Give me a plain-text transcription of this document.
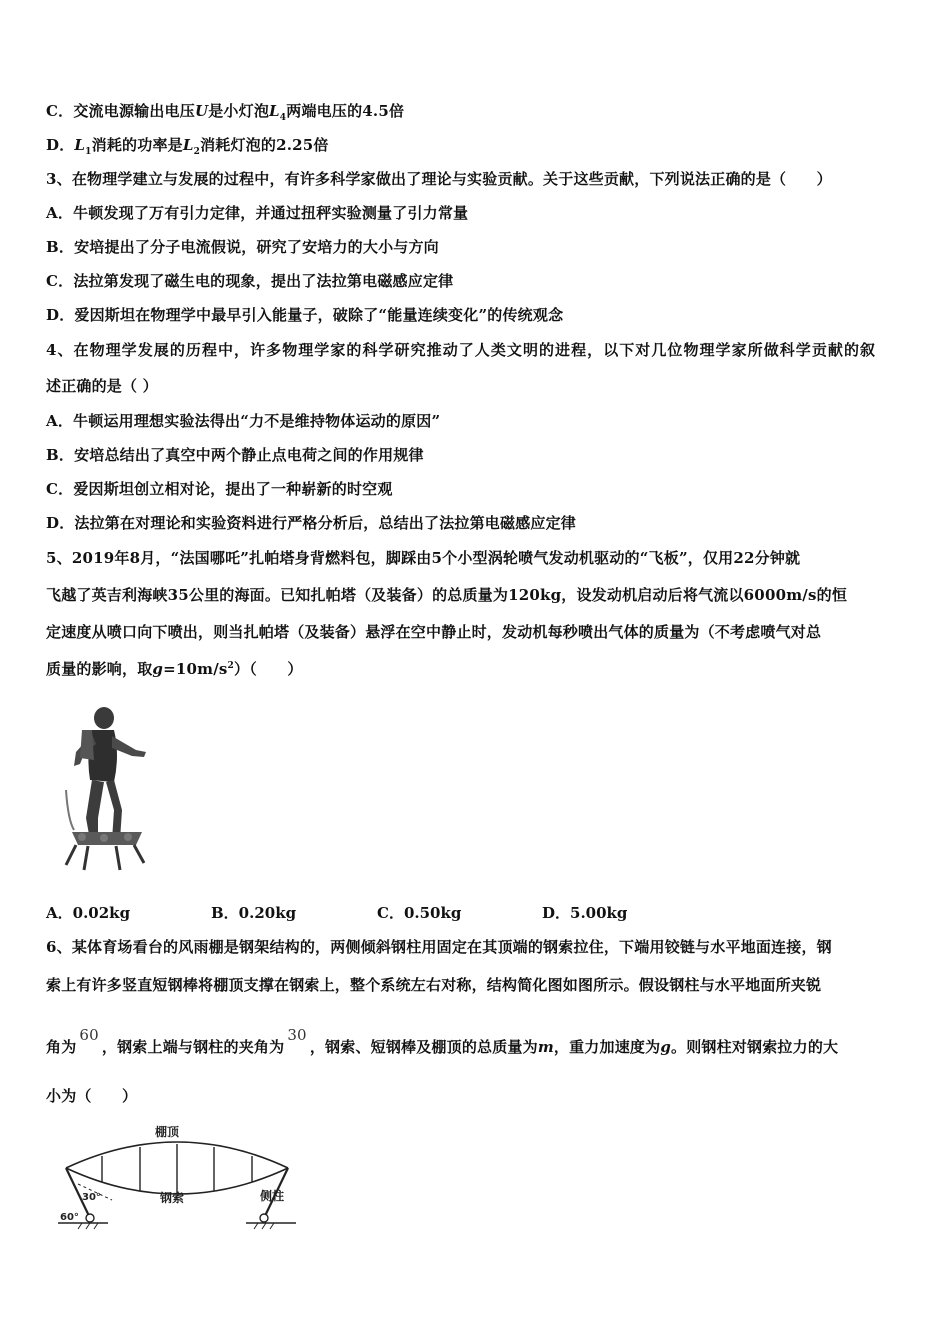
C．交流电源输出电压U是小灯泡$L_4$两端电压的4.5倍
D．$L_1$消耗的功率是$L_2$消耗灯泡的2.25倍
3、在物理学建立与发展的过程中，有许多科学家做出了理论与实验贡献。关于这些贡献，下列说法正确的是（　　）
A．牛顿发现了万有引力定律，并通过扭秤实验测量了引力常量
B．安培提出了分子电流假说，研究了安培力的大小与方向
C．法拉第发现了磁生电的现象，提出了法拉第电磁感应定律
D．爱因斯坦在物理学中最早引入能量子，破除了“能量连续变化”的传统观念
4、在物理学发展的历程中，许多物理学家的科学研究推动了人类文明的进程，以下对几位物理学家所做科学贡献的叙
述正确的是（ ）
A．牛顿运用理想实验法得出“力不是维持物体运动的原因”
B．安培总结出了真空中两个静止点电荷之间的作用规律
C．爱因斯坦创立相对论，提出了一种崭新的时空观
D．法拉第在对理论和实验资料进行严格分析后，总结出了法拉第电磁感应定律
5、2019年8月，“法国哪吒”扎帕塔身背燃料包，脚踩由5个小型涡轮喷气发动机驱动的“飞板”，仅用22分钟就
飞越了英吉利海峡35公里的海面。已知扎帕塔（及装备）的总质量为120kg，设发动机启动后将气流以6000m/s的恒
定速度从喷口向下喷出，则当扎帕塔（及装备）悬浮在空中静止时，发动机每秒喷出气体的质量为（不考虑喷气对总
质量的影响，取$g=10m/s^2$）（　　）
A．0.02kg	B．0.20kg	C．0.50kg	D．5.00kg
6、某体育场看台的风雨棚是钢架结构的，两侧倾斜钢柱用固定在其顶端的钢索拉住，下端用铰链与水平地面连接，钢
索上有许多竖直短钢棒将棚顶支撑在钢索上，整个系统左右对称，结构简化图如图所示。假设钢柱与水平地面所夹锐
角为60，钢索上端与钢柱的夹角为30，钢索、短钢棒及棚顶的总质量为m，重力加速度为g。则钢柱对钢索拉力的大
小为（　　）
棚顶
钢索	侧柱
30°
60°
